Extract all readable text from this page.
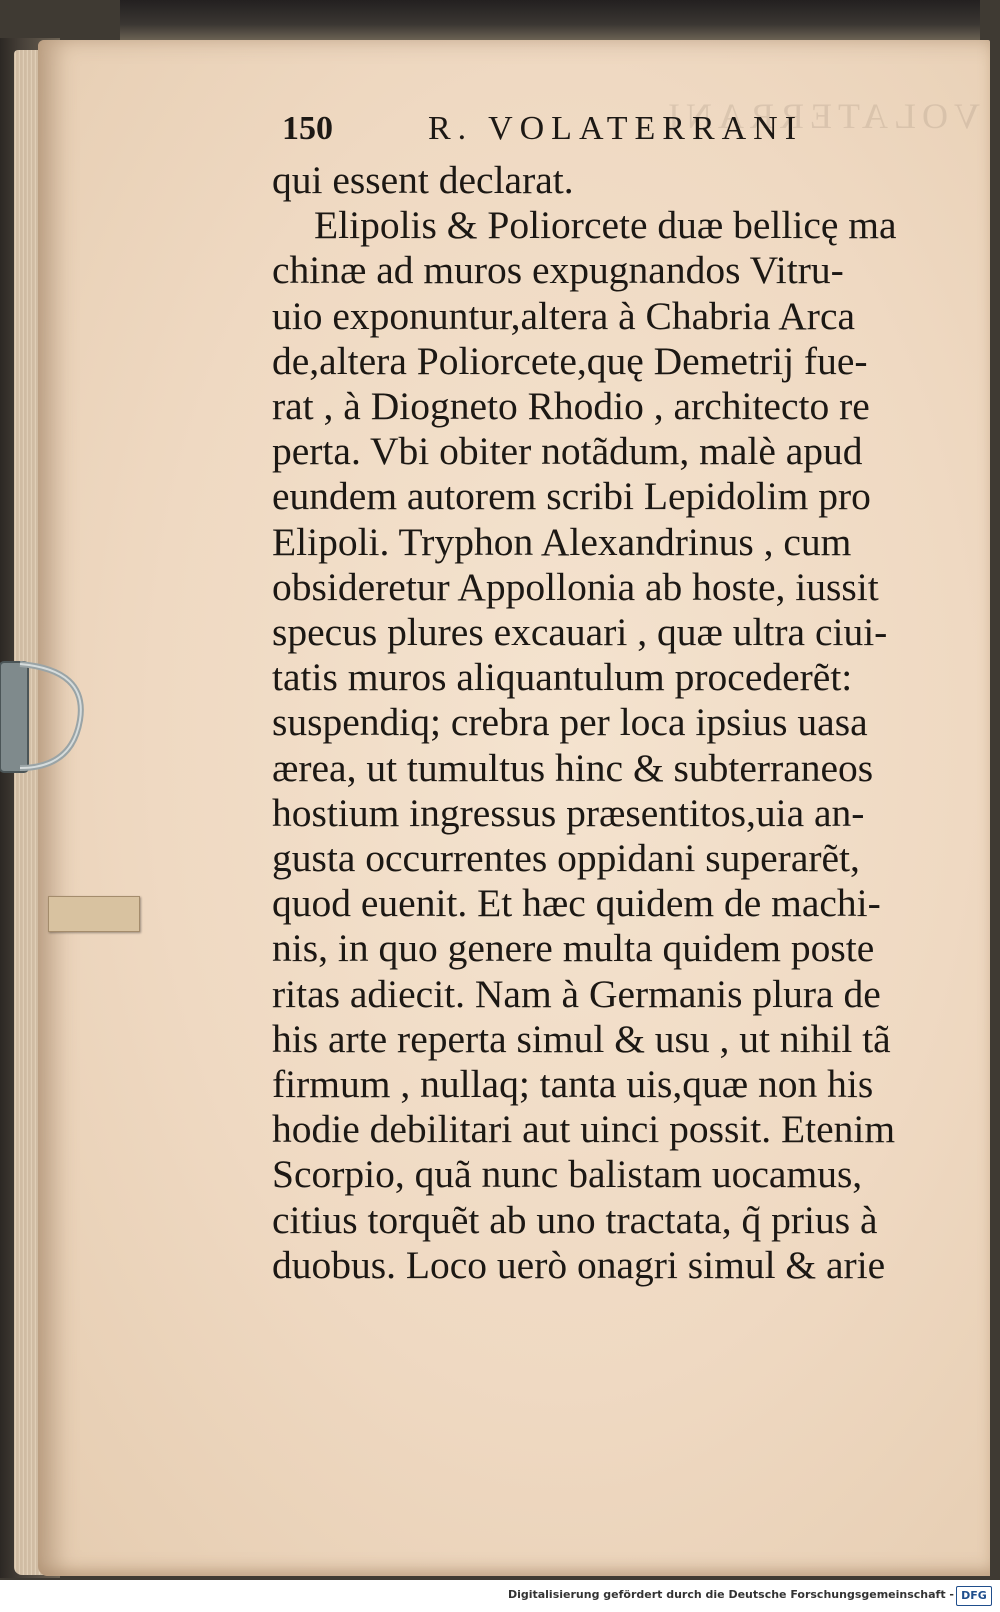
VOLATERRANI
150	R. VOLATERRANI
qui essent declarat.
Elipolis & Poliorcete duæ bellicę ma
chinæ ad muros expugnandos Vitru-
uio exponuntur,altera à Chabria Arca
de,altera Poliorcete,quę Demetrij fue-
rat , à Diogneto Rhodio , architecto re
perta. Vbi obiter notãdum, malè apud
eundem autorem scribi Lepidolim pro
Elipoli. Tryphon Alexandrinus , cum
obsideretur Appollonia ab hoste, iussit
specus plures excauari , quæ ultra ciui-
tatis muros aliquantulum procederẽt:
suspendiq; crebra per loca ipsius uasa
ærea, ut tumultus hinc & subterraneos
hostium ingressus præsentitos,uia an-
gusta occurrentes oppidani superarẽt,
quod euenit. Et hæc quidem de machi-
nis, in quo genere multa quidem poste
ritas adiecit. Nam à Germanis plura de
his arte reperta simul & usu , ut nihil tã
firmum , nullaq; tanta uis,quæ non his
hodie debilitari aut uinci possit. Etenim
Scorpio, quã nunc balistam uocamus,
citius torquẽt ab uno tractata, q̃ prius à
duobus. Loco uerò onagri simul & arie
Digitalisierung gefördert durch die Deutsche Forschungsgemeinschaft - DFG
